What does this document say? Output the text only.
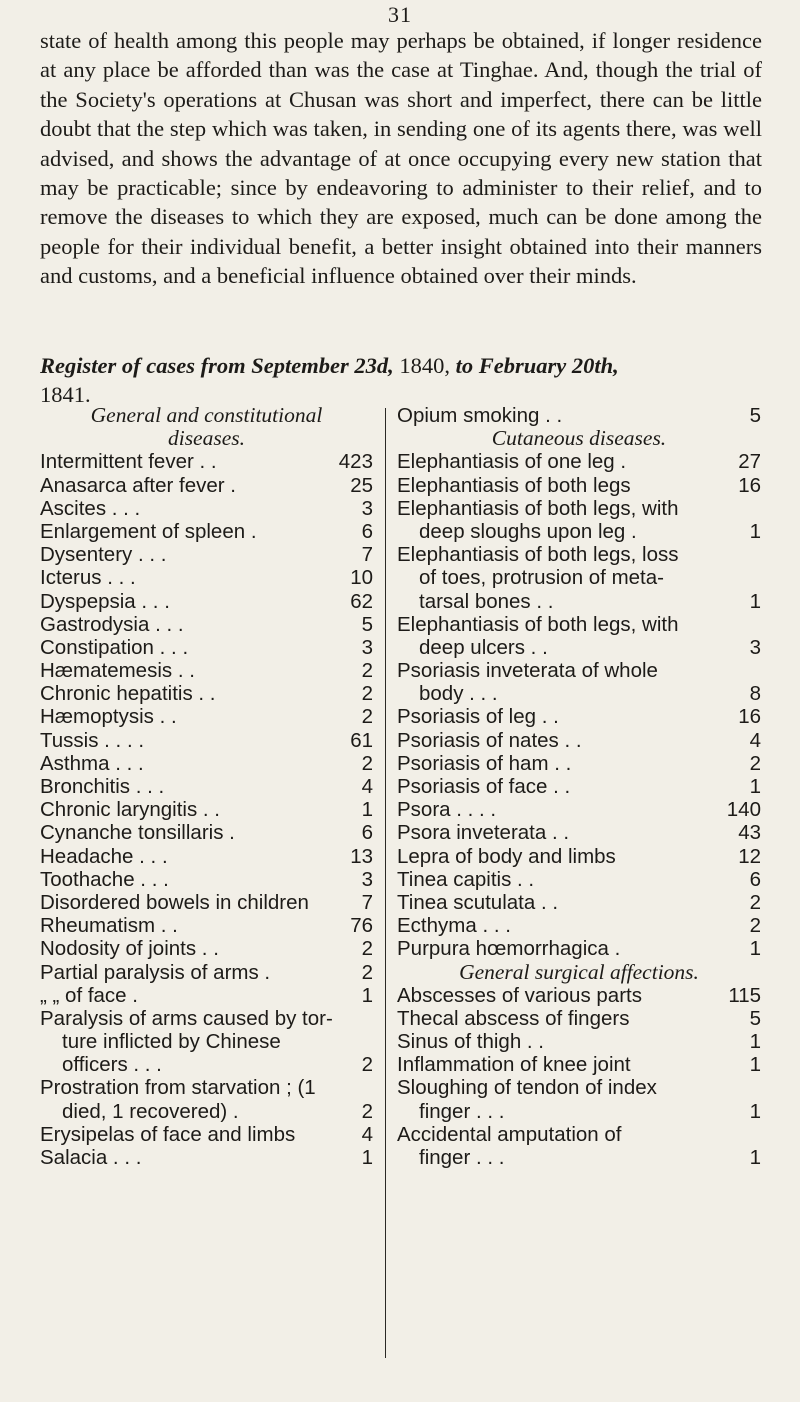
31

state of health among this people may perhaps be obtained, if longer residence at any place be afforded than was the case at Tinghae. And, though the trial of the Society's operations at Chusan was short and imperfect, there can be little doubt that the step which was taken, in sending one of its agents there, was well advised, and shows the advantage of at once occupying every new station that may be practicable; since by endeavoring to administer to their relief, and to remove the diseases to which they are exposed, much can be done among the people for their individual benefit, a better insight obtained into their manners and customs, and a beneficial influence obtained over their minds.

Register of cases from September 23d, 1840, to February 20th,
1841.
General and constitutional
diseases.
Intermittent fever . .	423
Anasarca after fever .	25
Ascites . . .	3
Enlargement of spleen .	6
Dysentery . . .	7
Icterus . . .	10
Dyspepsia . . .	62
Gastrodysia . . .	5
Constipation . . .	3
Hæmatemesis . .	2
Chronic hepatitis . .	2
Hæmoptysis . .	2
Tussis . . . .	61
Asthma . . .	2
Bronchitis . . .	4
Chronic laryngitis . .	1
Cynanche tonsillaris .	6
Headache . . .	13
Toothache . . .	3
Disordered bowels in children	7
Rheumatism . .	76
Nodosity of joints . .	2
Partial paralysis of arms .	2
„ „ of face .	1
Paralysis of arms caused by tor-
ture inflicted by Chinese
officers . . .	2
Prostration from starvation ; (1
died, 1 recovered) .	2
Erysipelas of face and limbs	4
Salacia . . .	1
Opium smoking . .	5
Cutaneous diseases.
Elephantiasis of one leg .	27
Elephantiasis of both legs	16
Elephantiasis of both legs, with
deep sloughs upon leg .	1
Elephantiasis of both legs, loss
of toes, protrusion of meta-
tarsal bones . .	1
Elephantiasis of both legs, with
deep ulcers . .	3
Psoriasis inveterata of whole
body . . .	8
Psoriasis of leg . .	16
Psoriasis of nates . .	4
Psoriasis of ham . .	2
Psoriasis of face . .	1
Psora . . . .	140
Psora inveterata . .	43
Lepra of body and limbs	12
Tinea capitis . .	6
Tinea scutulata . .	2
Ecthyma . . .	2
Purpura hœmorrhagica .	1
General surgical affections.
Abscesses of various parts	115
Thecal abscess of fingers	5
Sinus of thigh . .	1
Inflammation of knee joint	1
Sloughing of tendon of index
finger . . .	1
Accidental amputation of
finger . . .	1
